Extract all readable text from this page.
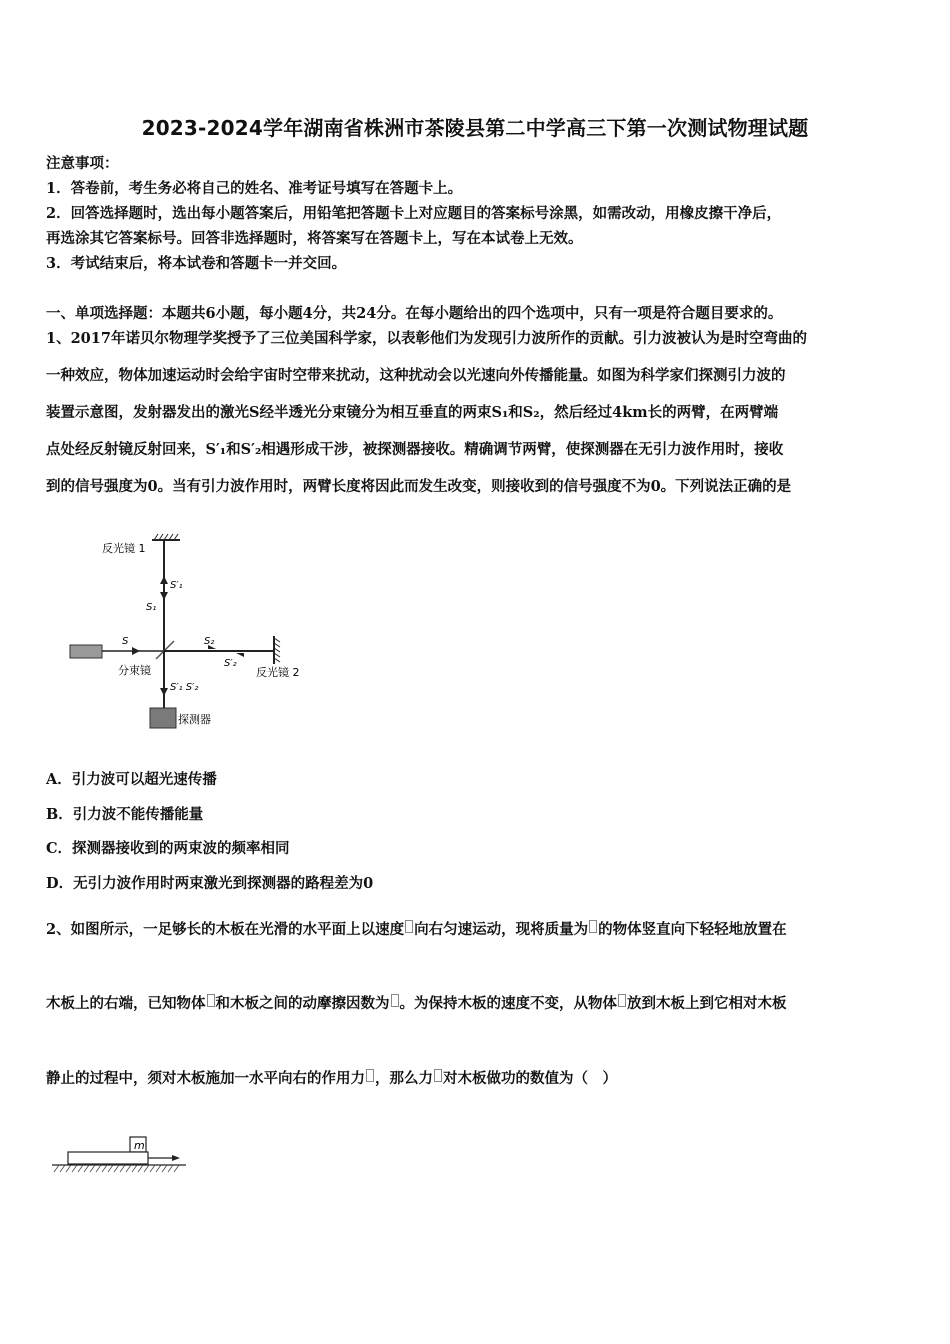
2023-2024学年湖南省株洲市茶陵县第二中学高三下第一次测试物理试题
注意事项：
1．答卷前，考生务必将自己的姓名、准考证号填写在答题卡上。
2．回答选择题时，选出每小题答案后，用铅笔把答题卡上对应题目的答案标号涂黑，如需改动，用橡皮擦干净后，
再选涂其它答案标号。回答非选择题时，将答案写在答题卡上，写在本试卷上无效。
3．考试结束后，将本试卷和答题卡一并交回。
一、单项选择题：本题共6小题，每小题4分，共24分。在每小题给出的四个选项中，只有一项是符合题目要求的。
1、2017年诺贝尔物理学奖授予了三位美国科学家，以表彰他们为发现引力波所作的贡献。引力波被认为是时空弯曲的
一种效应，物体加速运动时会给宇宙时空带来扰动，这种扰动会以光速向外传播能量。如图为科学家们探测引力波的
装置示意图，发射器发出的激光S经半透光分束镜分为相互垂直的两束S₁和S₂，然后经过4km长的两臂，在两臂端
点处经反射镜反射回来，S′₁和S′₂相遇形成干涉，被探测器接收。精确调节两臂，使探测器在无引力波作用时，接收
到的信号强度为0。当有引力波作用时，两臂长度将因此而发生改变，则接收到的信号强度不为0。下列说法正确的是
反光镜 1
S′₁
S₁
S
分束镜
S₂
S′₂
反光镜 2
S′₁ S′₂
探测器
A．引力波可以超光速传播
B．引力波不能传播能量
C．探测器接收到的两束波的频率相同
D．无引力波作用时两束激光到探测器的路程差为0
2、如图所示，一足够长的木板在光滑的水平面上以速度 向右匀速运动，现将质量为 的物体竖直向下轻轻地放置在
木板上的右端，已知物体 和木板之间的动摩擦因数为 。为保持木板的速度不变，从物体 放到木板上到它相对木板
静止的过程中，须对木板施加一水平向右的作用力 ，那么力 对木板做功的数值为（　）
m
